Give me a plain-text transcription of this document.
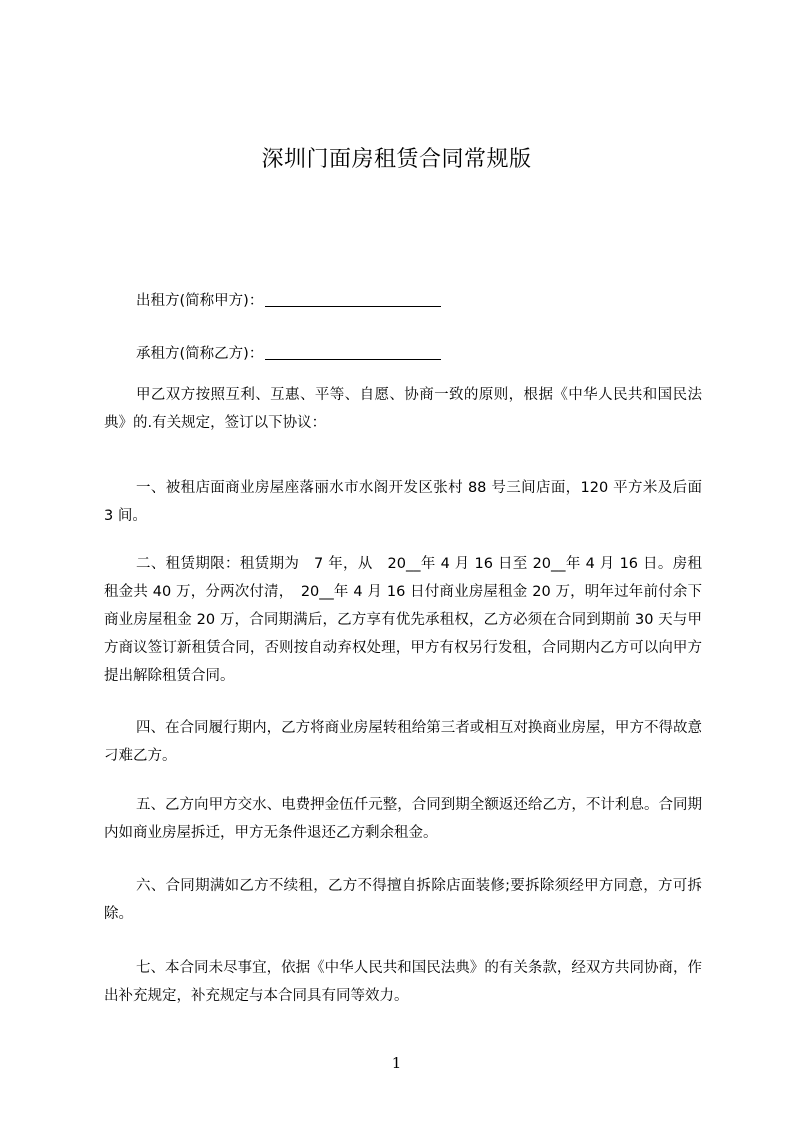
深圳门面房租赁合同常规版
出租方(简称甲方)：
承租方(简称乙方)：

甲乙双方按照互利、互惠、平等、自愿、协商一致的原则，根据《中华人民共和国民法典》的.有关规定，签订以下协议：

一、被租店面商业房屋座落丽水市水阁开发区张村 88 号三间店面，120 平方米及后面 3 间。

二、租赁期限：租赁期为　7 年，从　20__年 4 月 16 日至 20__年 4 月 16 日。房租租金共 40 万，分两次付清，　20__年 4 月 16 日付商业房屋租金 20 万，明年过年前付余下商业房屋租金 20 万，合同期满后，乙方享有优先承租权，乙方必须在合同到期前 30 天与甲方商议签订新租赁合同，否则按自动弃权处理，甲方有权另行发租，合同期内乙方可以向甲方提出解除租赁合同。

四、在合同履行期内，乙方将商业房屋转租给第三者或相互对换商业房屋，甲方不得故意刁难乙方。

五、乙方向甲方交水、电费押金伍仟元整，合同到期全额返还给乙方，不计利息。合同期内如商业房屋拆迁，甲方无条件退还乙方剩余租金。

六、合同期满如乙方不续租，乙方不得擅自拆除店面装修;要拆除须经甲方同意，方可拆除。

七、本合同未尽事宜，依据《中华人民共和国民法典》的有关条款，经双方共同协商，作出补充规定，补充规定与本合同具有同等效力。

1
